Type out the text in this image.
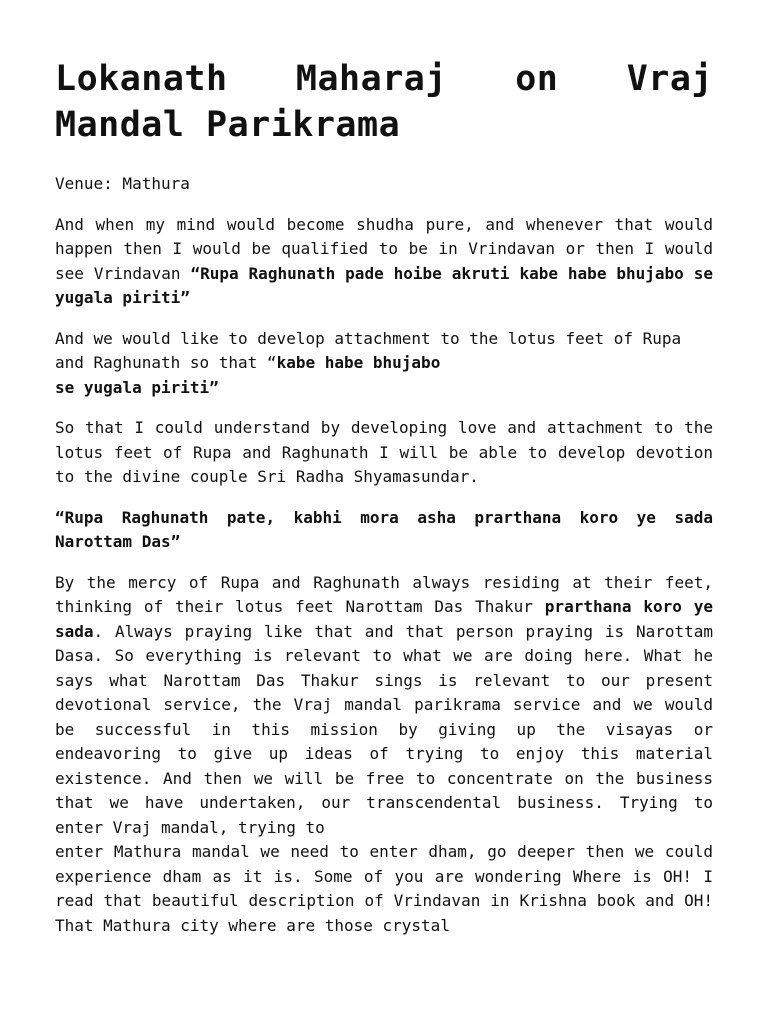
Lokanath Maharaj on Vraj Mandal Parikrama

Venue: Mathura

And when my mind would become shudha pure, and whenever that would happen then I would be qualified to be in Vrindavan or then I would see Vrindavan “Rupa Raghunath pade hoibe akruti kabe habe bhujabo se yugala piriti”

And we would like to develop attachment to the lotus feet of Rupa and Raghunath so that “kabe habe bhujabo
se yugala piriti”

So that I could understand by developing love and attachment to the lotus feet of Rupa and Raghunath I will be able to develop devotion to the divine couple Sri Radha Shyamasundar.

“Rupa Raghunath pate, kabhi mora asha prarthana koro ye sada Narottam Das”

By the mercy of Rupa and Raghunath always residing at their feet, thinking of their lotus feet Narottam Das Thakur prarthana koro ye sada. Always praying like that and that person praying is Narottam Dasa. So everything is relevant to what we are doing here. What he says what Narottam Das Thakur sings is relevant to our present devotional service, the Vraj mandal parikrama service and we would be successful in this mission by giving up the visayas or endeavoring to give up ideas of trying to enjoy this material existence. And then we will be free to concentrate on the business that we have undertaken, our transcendental business. Trying to enter Vraj mandal, trying to

enter Mathura mandal we need to enter dham, go deeper then we could experience dham as it is. Some of you are wondering Where is OH! I read that beautiful description of Vrindavan in Krishna book and OH! That Mathura city where are those crystal
